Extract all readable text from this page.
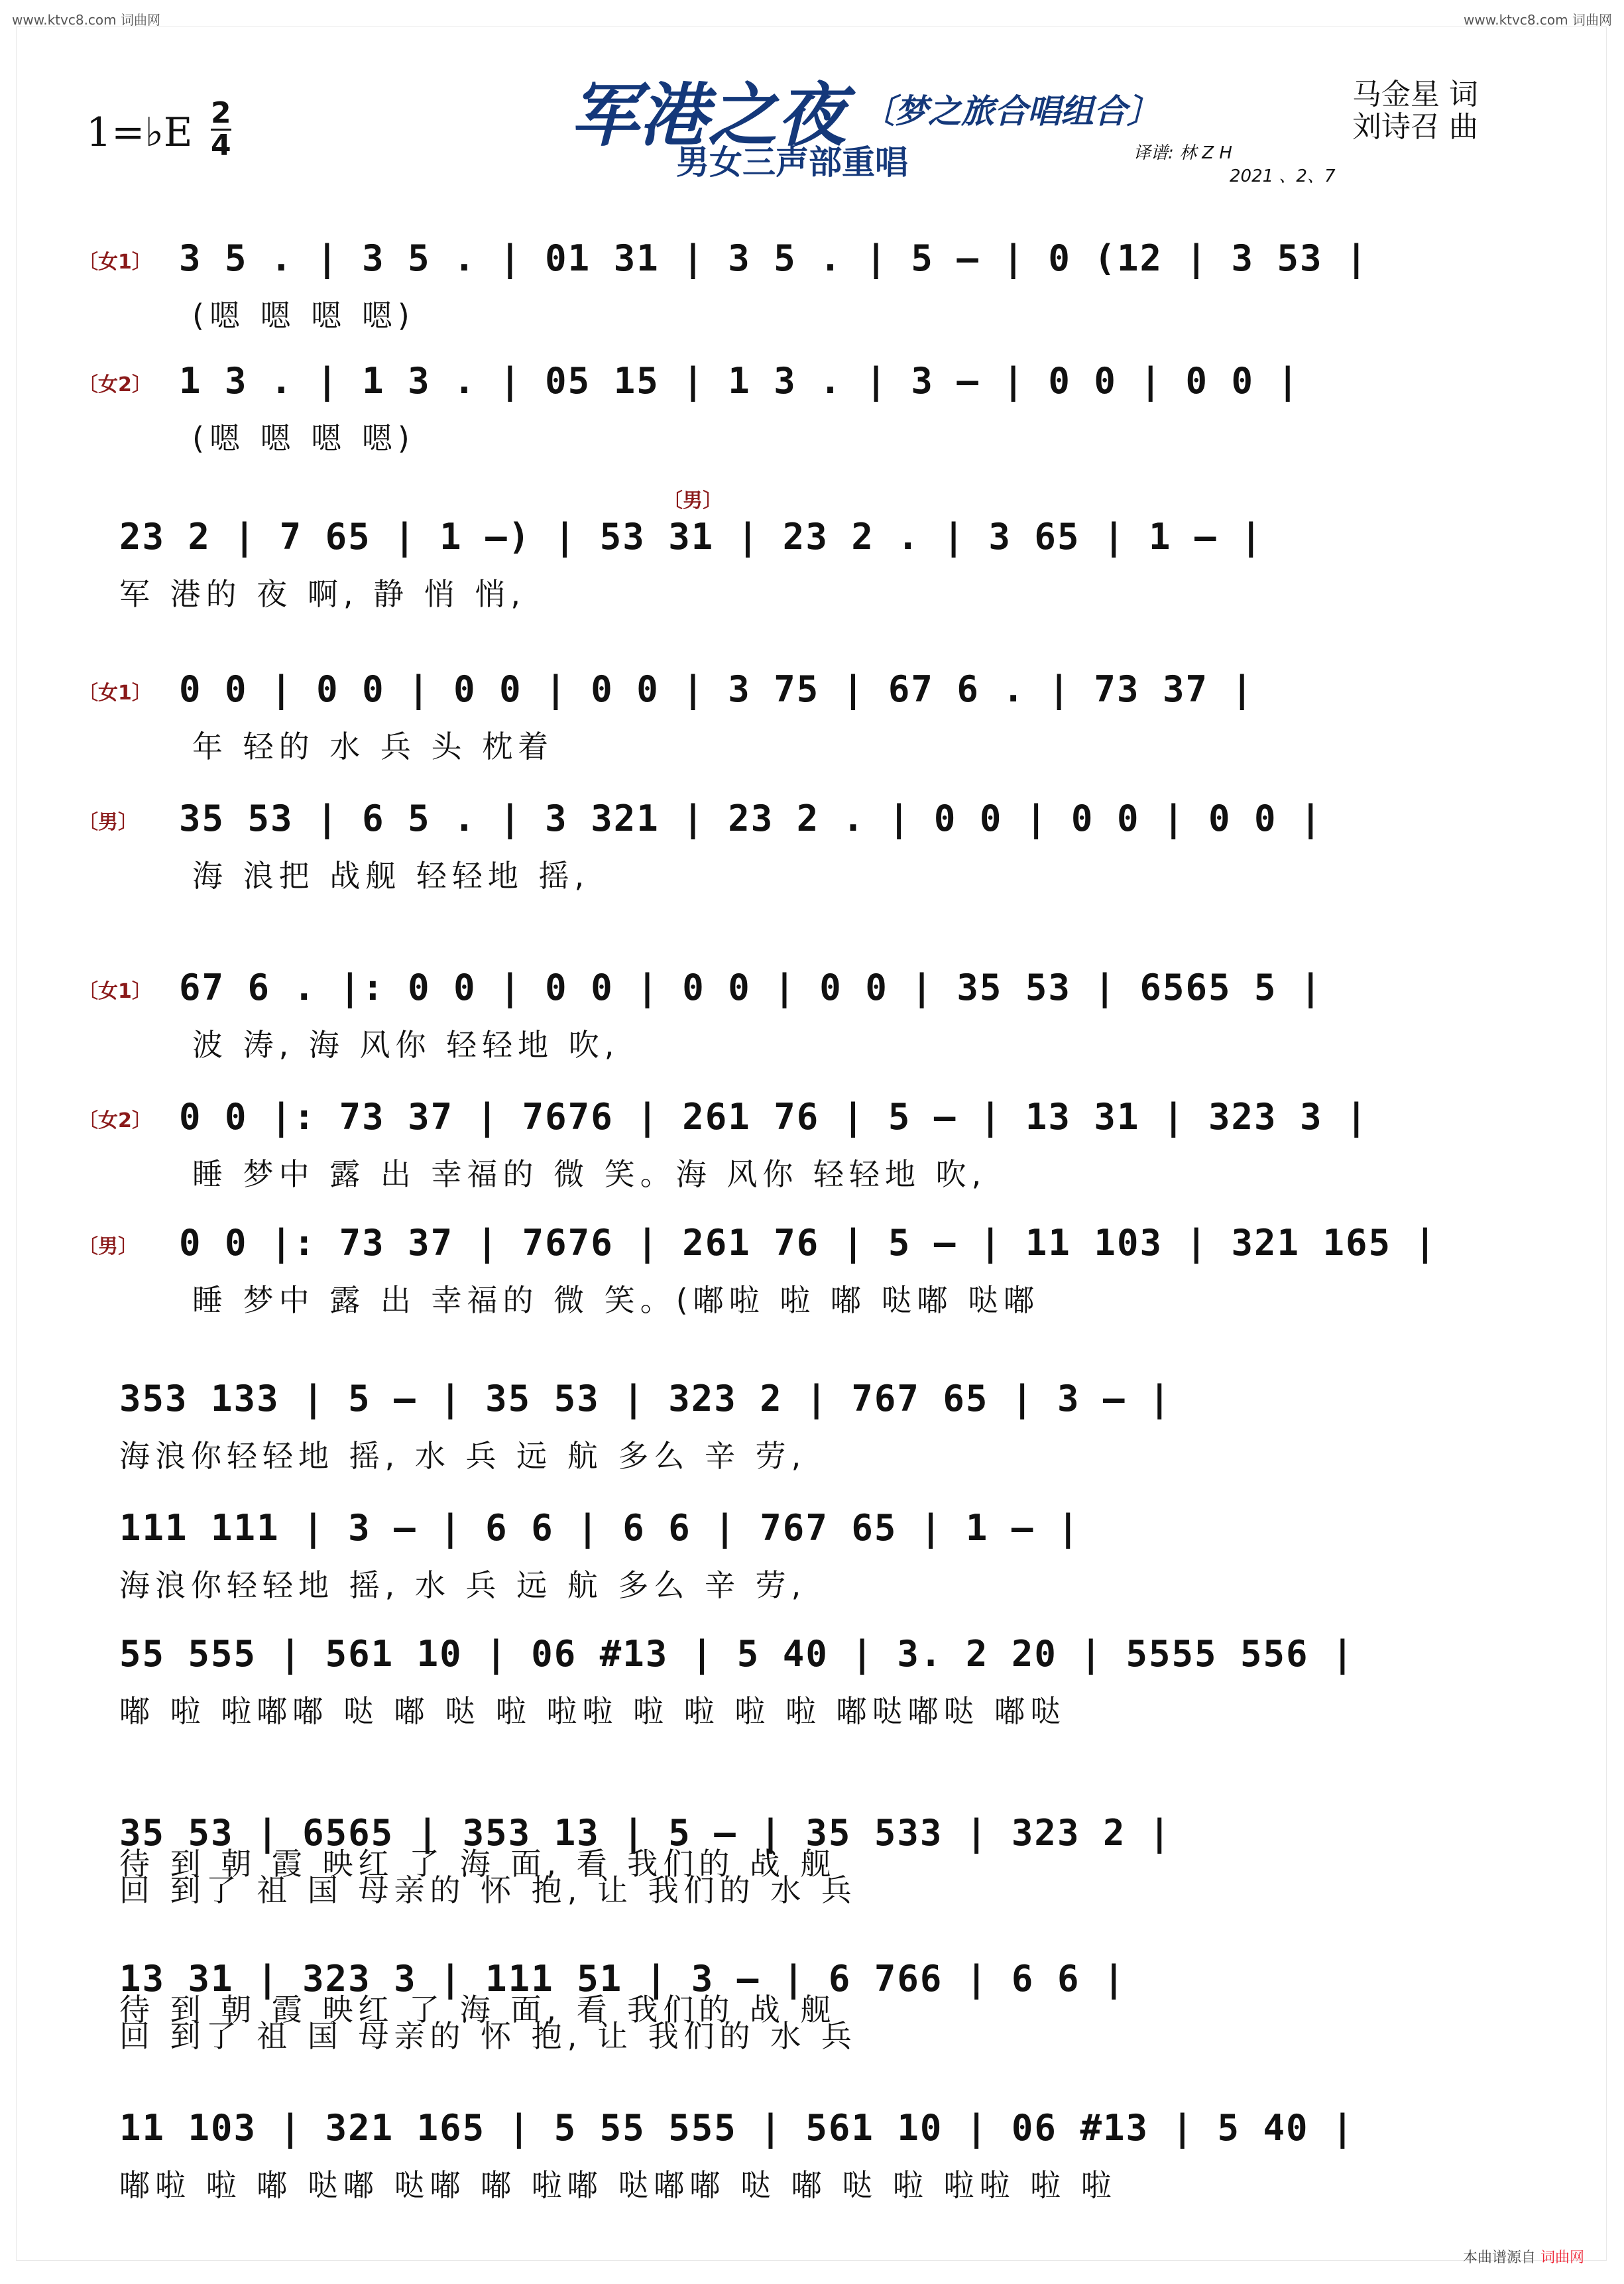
www.ktvc8.com 词曲网	www.ktvc8.com 词曲网
1=♭E 2
4	军港之夜 〔梦之旅合唱组合〕
男女三声部重唱
马金星 词
刘诗召 曲
译谱: 林 Z H
2021 、2、7
〔女1〕 3 5 . | 3 5 . | 01 31 | 3 5 . | 5 – | 0 (12 | 3 53 |
(嗯 嗯 嗯 嗯)
〔女2〕 1 3 . | 1 3 . | 05 15 | 1 3 . | 3 – | 0 0 | 0 0 |
(嗯 嗯 嗯 嗯)
〔男〕
23 2 | 7 65 | 1 –) | 53 31 | 23 2 . | 3 65 | 1 – |
军 港的 夜 啊, 静 悄 悄,
〔女1〕 0 0 | 0 0 | 0 0 | 0 0 | 3 75 | 67 6 . | 73 37 |
年 轻的 水 兵 头 枕着
〔男〕 35 53 | 6 5 . | 3 321 | 23 2 . | 0 0 | 0 0 | 0 0 |
海 浪把 战舰 轻轻地 摇,
〔女1〕 67 6 . |: 0 0 | 0 0 | 0 0 | 0 0 | 35 53 | 6565 5 |
波 涛, 海 风你 轻轻地 吹,
〔女2〕 0 0 |: 73 37 | 7676 | 261 76 | 5 – | 13 31 | 323 3 |
睡 梦中 露 出 幸福的 微 笑。海 风你 轻轻地 吹,
〔男〕 0 0 |: 73 37 | 7676 | 261 76 | 5 – | 11 103 | 321 165 |
睡 梦中 露 出 幸福的 微 笑。(嘟啦 啦 嘟 哒嘟 哒嘟
353 133 | 5 – | 35 53 | 323 2 | 767 65 | 3 – |
海浪你轻轻地 摇, 水 兵 远 航 多么 辛 劳,
111 111 | 3 – | 6 6 | 6 6 | 767 65 | 1 – |
海浪你轻轻地 摇, 水 兵 远 航 多么 辛 劳,
55 555 | 561 10 | 06 #13 | 5 40 | 3. 2 20 | 5555 556 |
嘟 啦 啦嘟嘟 哒 嘟 哒 啦 啦啦 啦 啦 啦 啦 嘟哒嘟哒 嘟哒
35 53 | 6565 | 353 13 | 5 – | 35 533 | 323 2 |
回 到了 祖 国 母亲的 怀 抱, 让 我们的 水 兵
待 到 朝 霞 映红 了 海 面, 看 我们的 战 舰
13 31 | 323 3 | 111 51 | 3 – | 6 766 | 6 6 |
回 到了 祖 国 母亲的 怀 抱, 让 我们的 水 兵
待 到 朝 霞 映红 了 海 面, 看 我们的 战 舰
11 103 | 321 165 | 5 55 555 | 561 10 | 06 #13 | 5 40 |
嘟啦 啦 嘟 哒嘟 哒嘟 嘟 啦嘟 哒嘟嘟 哒 嘟 哒 啦 啦啦 啦 啦
本曲谱源自 词曲网
